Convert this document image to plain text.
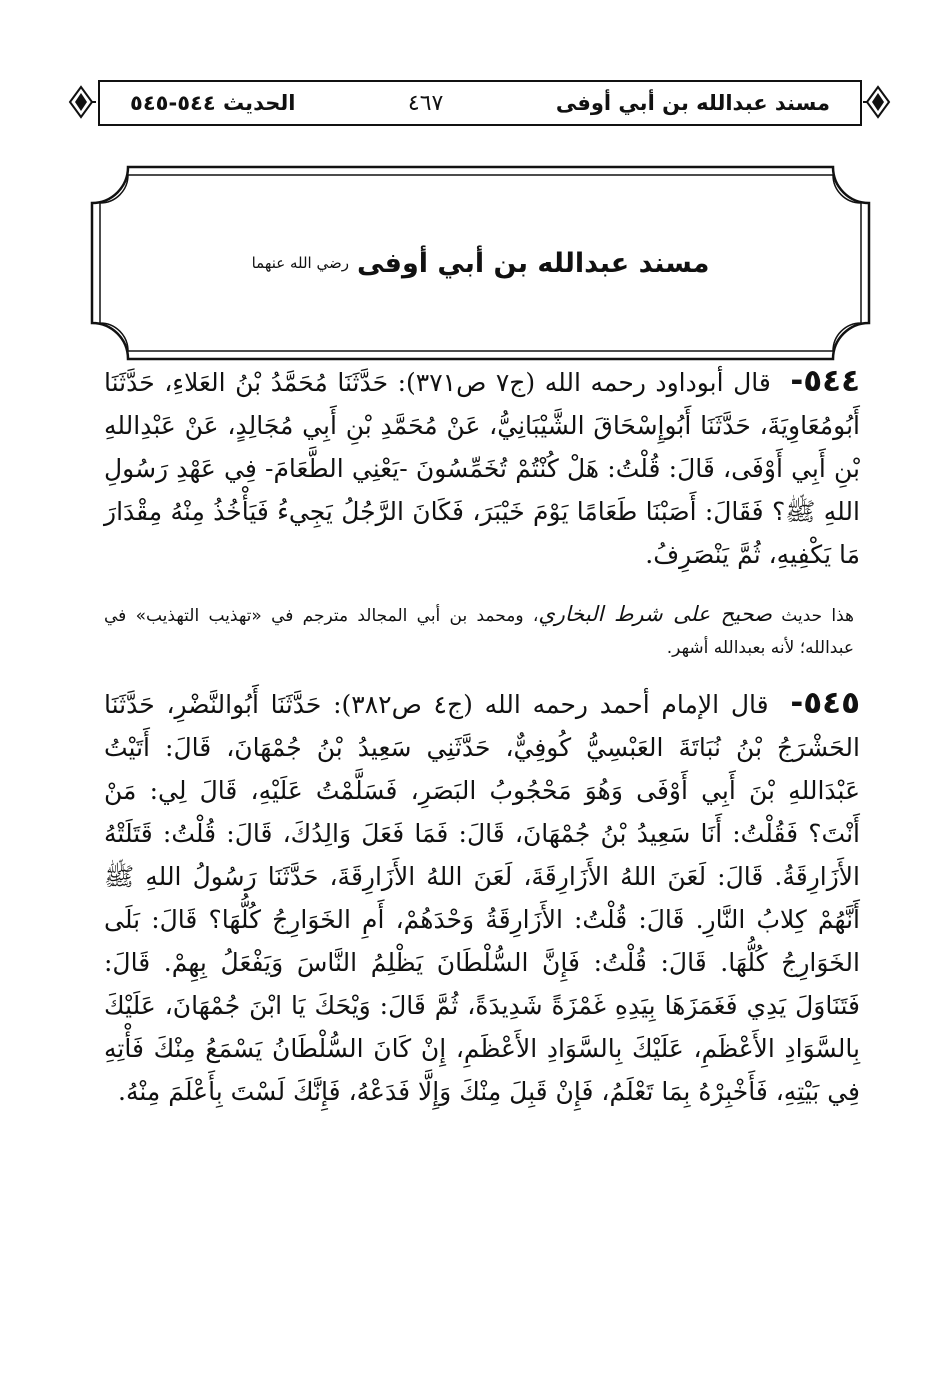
مسند عبدالله بن أبي أوفى
٤٦٧
الحديث ٥٤٤-٥٤٥
مسند عبدالله بن أبي أوفى
رضي الله عنهما

٥٤٤- قال أبوداود رحمه الله (ج٧ ص٣٧١): حَدَّثَنَا مُحَمَّدُ بْنُ العَلاءِ، حَدَّثَنَا أَبُومُعَاوِيَةَ، حَدَّثَنَا أَبُوإِسْحَاقَ الشَّيْبَانِيُّ، عَنْ مُحَمَّدِ بْنِ أَبِي مُجَالِدٍ، عَنْ عَبْدِاللهِ بْنِ أَبِي أَوْفَى، قَالَ: قُلْتُ: هَلْ كُنْتُمْ تُخَمِّسُونَ -يَعْنِي الطَّعَامَ- فِي عَهْدِ رَسُولِ اللهِ ﷺ؟ فَقَالَ: أَصَبْنَا طَعَامًا يَوْمَ خَيْبَرَ، فَكَانَ الرَّجُلُ يَجِيءُ فَيَأْخُذُ مِنْهُ مِقْدَارَ مَا يَكْفِيهِ، ثُمَّ يَنْصَرِفُ.

هذا حديث صحيح على شرط البخاري، ومحمد بن أبي المجالد مترجم في «تهذيب التهذيب» في عبدالله؛ لأنه بعبدالله أشهر.

٥٤٥- قال الإمام أحمد رحمه الله (ج٤ ص٣٨٢): حَدَّثَنَا أَبُوالنَّضْرِ، حَدَّثَنَا الحَشْرَجُ بْنُ نُبَاتَةَ العَبْسِيُّ كُوفِيٌّ، حَدَّثَنِي سَعِيدُ بْنُ جُمْهَانَ، قَالَ: أَتَيْتُ عَبْدَاللهِ بْنَ أَبِي أَوْفَى وَهُوَ مَحْجُوبُ البَصَرِ، فَسَلَّمْتُ عَلَيْهِ، قَالَ لِي: مَنْ أَنْتَ؟ فَقُلْتُ: أَنَا سَعِيدُ بْنُ جُمْهَانَ، قَالَ: فَمَا فَعَلَ وَالِدُكَ، قَالَ: قُلْتُ: قَتَلَتْهُ الأَزَارِقَةُ. قَالَ: لَعَنَ اللهُ الأَزَارِقَةَ، لَعَنَ اللهُ الأَزَارِقَةَ، حَدَّثَنَا رَسُولُ اللهِ ﷺ أَنَّهُمْ كِلابُ النَّارِ. قَالَ: قُلْتُ: الأَزَارِقَةُ وَحْدَهُمْ، أَمِ الخَوَارِجُ كُلُّهَا؟ قَالَ: بَلَى الخَوَارِجُ كُلُّهَا. قَالَ: قُلْتُ: فَإِنَّ السُّلْطَانَ يَظْلِمُ النَّاسَ وَيَفْعَلُ بِهِمْ. قَالَ: فَتَنَاوَلَ يَدِي فَغَمَزَهَا بِيَدِهِ غَمْزَةً شَدِيدَةً، ثُمَّ قَالَ: وَيْحَكَ يَا ابْنَ جُمْهَانَ، عَلَيْكَ بِالسَّوَادِ الأَعْظَمِ، عَلَيْكَ بِالسَّوَادِ الأَعْظَمِ، إِنْ كَانَ السُّلْطَانُ يَسْمَعُ مِنْكَ فَأْتِهِ فِي بَيْتِهِ، فَأَخْبِرْهُ بِمَا تَعْلَمُ، فَإِنْ قَبِلَ مِنْكَ وَإِلَّا فَدَعْهُ، فَإِنَّكَ لَسْتَ بِأَعْلَمَ مِنْهُ.
